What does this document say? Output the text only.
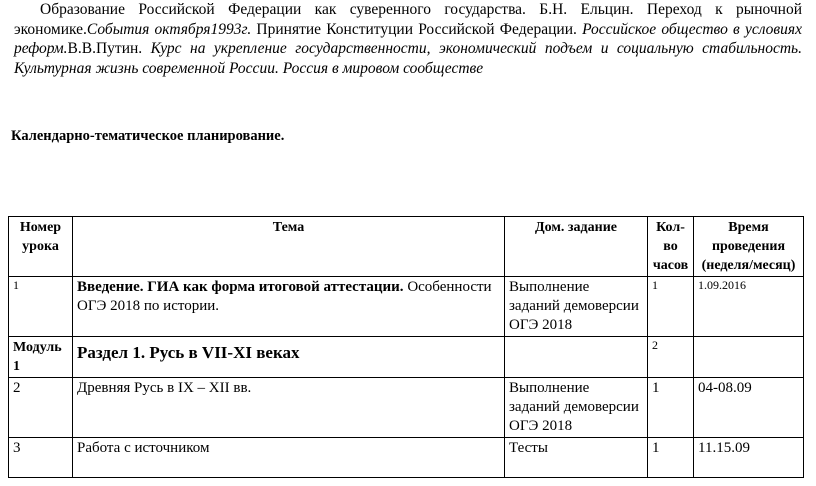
Образование Российской Федерации как суверенного государства. Б.Н. Ельцин. Переход к рыночной экономике.События октября1993г. Принятие Конституции Российской Федерации. Российское общество в условиях реформ.В.В.Путин. Курс на укрепление государственности, экономический подъем и социальную стабильность. Культурная жизнь современной России. Россия в мировом сообществе
Календарно-тематическое планирование.
Номер урока	Тема	Дом. задание	Кол-во часов	Время проведения (неделя/месяц)
1	Введение. ГИА как форма итоговой аттестации. Особенности ОГЭ 2018 по истории.	Выполнение заданий демоверсии ОГЭ 2018	1	1.09.2016
Модуль 1	Раздел 1. Русь в VII-XI веках		2	
2	Древняя Русь в IX – XII вв.	Выполнение заданий демоверсии ОГЭ 2018	1	04-08.09
3	Работа с источником	Тесты	1	11.15.09
